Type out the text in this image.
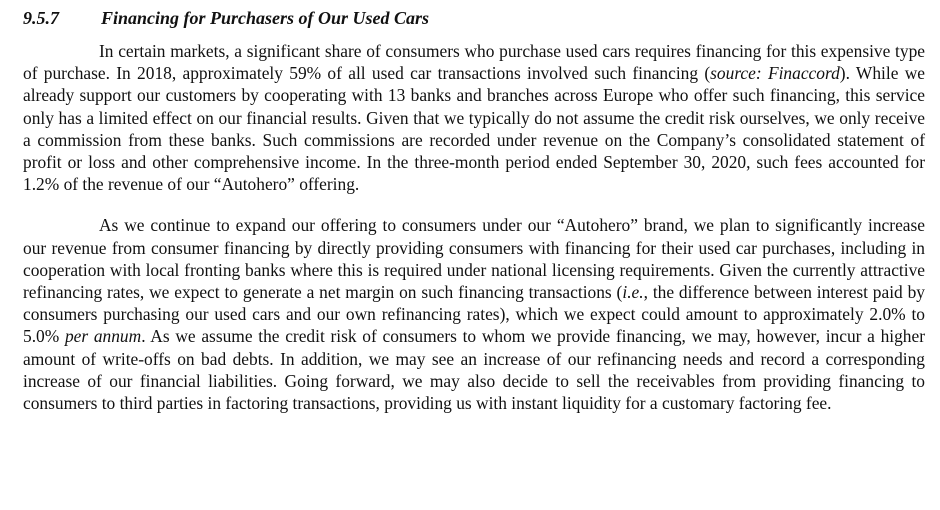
9.5.7	Financing for Purchasers of Our Used Cars

In certain markets, a significant share of consumers who purchase used cars requires financing for this expensive type of purchase. In 2018, approximately 59% of all used car transactions involved such financing (source: Finaccord). While we already support our customers by cooperating with 13 banks and branches across Europe who offer such financing, this service only has a limited effect on our financial results. Given that we typically do not assume the credit risk ourselves, we only receive a commission from these banks. Such commissions are recorded under revenue on the Company’s consolidated statement of profit or loss and other comprehensive income. In the three-month period ended September 30, 2020, such fees accounted for 1.2% of the revenue of our “Autohero” offering.

As we continue to expand our offering to consumers under our “Autohero” brand, we plan to significantly increase our revenue from consumer financing by directly providing consumers with financing for their used car purchases, including in cooperation with local fronting banks where this is required under national licensing requirements. Given the currently attractive refinancing rates, we expect to generate a net margin on such financing transactions (i.e., the difference between interest paid by consumers purchasing our used cars and our own refinancing rates), which we expect could amount to approximately 2.0% to 5.0% per annum. As we assume the credit risk of consumers to whom we provide financing, we may, however, incur a higher amount of write-offs on bad debts. In addition, we may see an increase of our refinancing needs and record a corresponding increase of our financial liabilities. Going forward, we may also decide to sell the receivables from providing financing to consumers to third parties in factoring transactions, providing us with instant liquidity for a customary factoring fee.
